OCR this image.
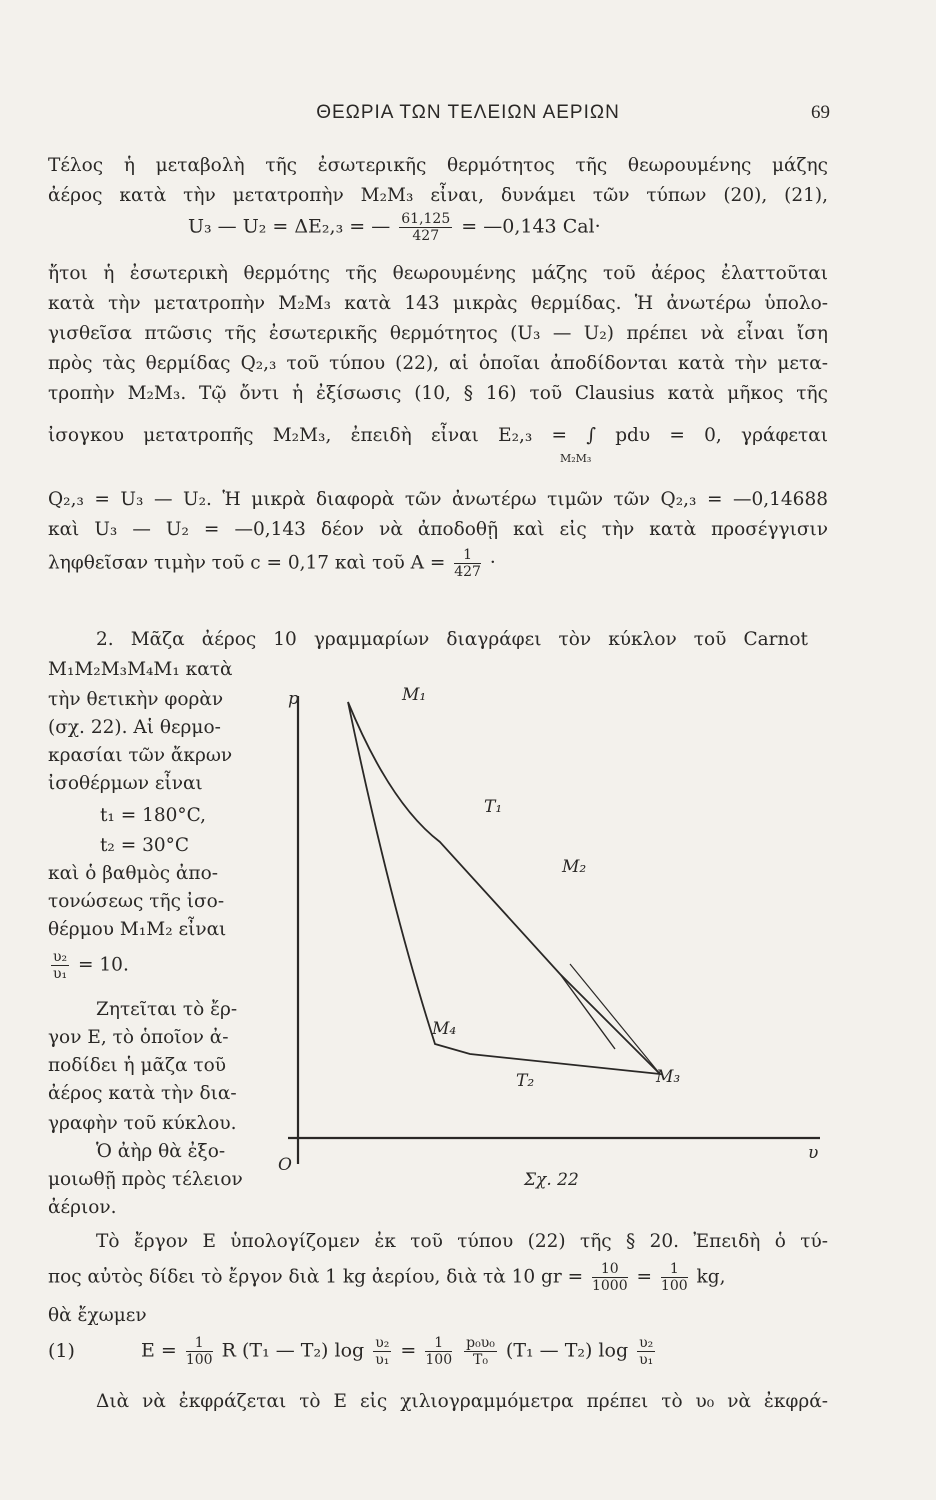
ΘΕΩΡΙΑ ΤΩΝ ΤΕΛΕΙΩΝ ΑΕΡΙΩΝ	69
Τέλος ἡ μεταβολὴ τῆς ἐσωτερικῆς θερμότητος τῆς θεωρουμένης μάζης
ἀέρος κατὰ τὴν μετατροπὴν M₂M₃ εἶναι, δυνάμει τῶν τύπων (20), (21),
U₃ — U₂ = ΔE₂,₃ = — $\frac{61,125}{427}$ = —0,143 Cal·
ἤτοι ἡ ἐσωτερικὴ θερμότης τῆς θεωρουμένης μάζης τοῦ ἀέρος ἐλαττοῦται
κατὰ τὴν μετατροπὴν M₂M₃ κατὰ 143 μικρὰς θερμίδας. Ἡ ἀνωτέρω ὑπολο-
γισθεῖσα πτῶσις τῆς ἐσωτερικῆς θερμότητος (U₃ — U₂) πρέπει νὰ εἶναι ἴση
πρὸς τὰς θερμίδας Q₂,₃ τοῦ τύπου (22), αἱ ὁποῖαι ἀποδίδονται κατὰ τὴν μετα-
τροπὴν M₂M₃. Τῷ ὄντι ἡ ἐξίσωσις (10, § 16) τοῦ Clausius κατὰ μῆκος τῆς
ἰσογκου μετατροπῆς M₂M₃, ἐπειδὴ εἶναι E₂,₃ = ∫ pdυ = 0, γράφεται
M₂M₃
Q₂,₃ = U₃ — U₂. Ἡ μικρὰ διαφορὰ τῶν ἀνωτέρω τιμῶν τῶν Q₂,₃ = —0,14688
καὶ U₃ — U₂ = —0,143 δέον νὰ ἀποδοθῇ καὶ εἰς τὴν κατὰ προσέγγισιν
ληφθεῖσαν τιμὴν τοῦ c = 0,17 καὶ τοῦ $A = \frac{1}{427}$ ·
2. Μᾶζα ἀέρος 10 γραμμαρίων διαγράφει τὸν κύκλον τοῦ Carnot
M₁M₂M₃M₄M₁ κατὰ
τὴν θετικὴν φορὰν
(σχ. 22). Αἱ θερμο-
κρασίαι τῶν ἄκρων
ἰσοθέρμων εἶναι
t₁ = 180°C,
t₂ = 30°C
καὶ ὁ βαθμὸς ἀπο-
τονώσεως τῆς ἰσο-
θέρμου M₁M₂ εἶναι
$\frac{\text{υ₂}}{\text{υ₁}} = 10$.
Ζητεῖται τὸ ἔρ-
γον E, τὸ ὁποῖον ἀ-
ποδίδει ἡ μᾶζα τοῦ
ἀέρος κατὰ τὴν δια-
γραφὴν τοῦ κύκλου.
Ὁ ἀὴρ θὰ ἐξο-
μοιωθῇ πρὸς τέλειον
ἀέριον.
p
υ
O
M₁
M₂
M₃
M₄
T₁
T₂
Σχ. 22
Τὸ ἔργον E ὑπολογίζομεν ἐκ τοῦ τύπου (22) τῆς § 20. Ἐπειδὴ ὁ τύ-
πος αὐτὸς δίδει τὸ ἔργον διὰ 1 kg ἀερίου, διὰ τὰ 10 gr = $\frac{10}{1000} = \frac{1}{100}$ kg,
θὰ ἔχωμεν
(1)	$E = \frac{1}{100}$ R (T₁ — T₂) $\log \frac{\text{υ₂}}{\text{υ₁}} = \frac{1}{100}$
$\frac{\text{p₀υ₀}}{\text{T₀}} (T_1$ — T₂) $\log \frac{\text{υ₂}}{\text{υ₁}}$
Διὰ νὰ ἐκφράζεται τὸ E εἰς χιλιογραμμόμετρα πρέπει τὸ υ₀ νὰ ἐκφρά-
